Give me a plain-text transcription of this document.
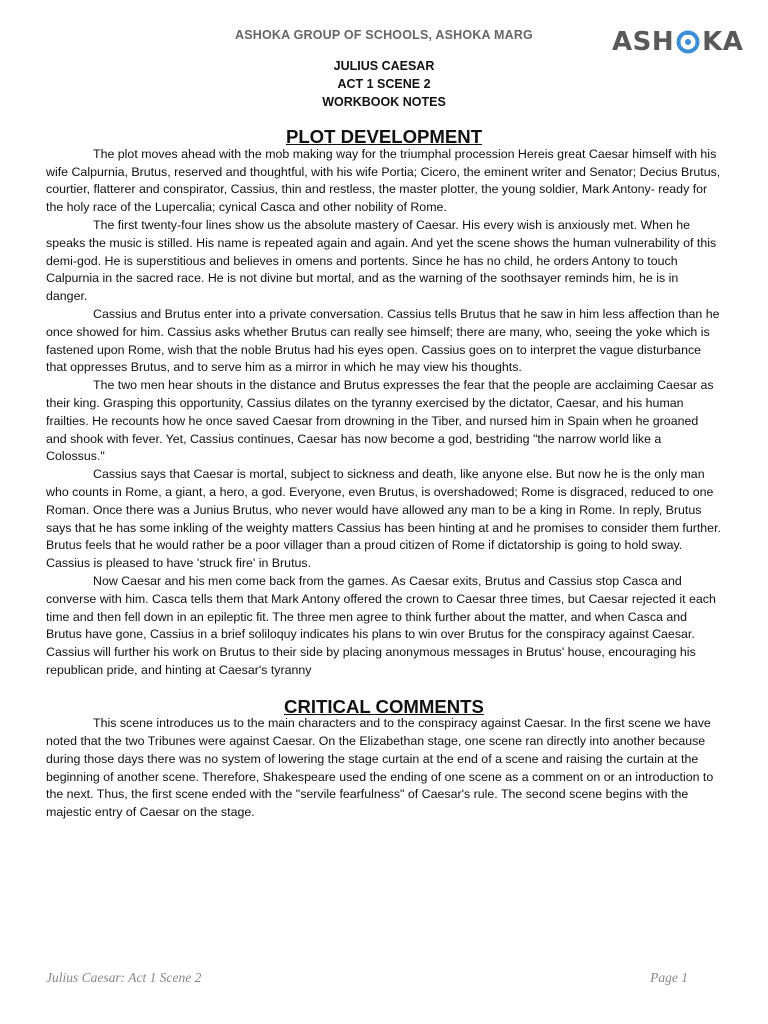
ASHOKA GROUP OF SCHOOLS, ASHOKA MARG	ASH KA
JULIUS CAESAR
ACT 1 SCENE 2
WORKBOOK NOTES
PLOT DEVELOPMENT

The plot moves ahead with the mob making way for the triumphal procession Hereis great Caesar himself with his wife Calpurnia, Brutus, reserved and thoughtful, with his wife Portia; Cicero, the eminent writer and Senator; Decius Brutus, courtier, flatterer and conspirator, Cassius, thin and restless, the master plotter, the young soldier, Mark Antony- ready for the holy race of the Lupercalia; cynical Casca and other nobility of Rome.

The first twenty-four lines show us the absolute mastery of Caesar. His every wish is anxiously met. When he speaks the music is stilled. His name is repeated again and again. And yet the scene shows the human vulnerability of this demi-god. He is superstitious and believes in omens and portents. Since he has no child, he orders Antony to touch Calpurnia in the sacred race. He is not divine but mortal, and as the warning of the soothsayer reminds him, he is in danger.

Cassius and Brutus enter into a private conversation. Cassius tells Brutus that he saw in him less affection than he once showed for him. Cassius asks whether Brutus can really see himself; there are many, who, seeing the yoke which is fastened upon Rome, wish that the noble Brutus had his eyes open. Cassius goes on to interpret the vague disturbance that oppresses Brutus, and to serve him as a mirror in which he may view his thoughts.

The two men hear shouts in the distance and Brutus expresses the fear that the people are acclaiming Caesar as their king. Grasping this opportunity, Cassius dilates on the tyranny exercised by the dictator, Caesar, and his human frailties. He recounts how he once saved Caesar from drowning in the Tiber, and nursed him in Spain when he groaned and shook with fever. Yet, Cassius continues, Caesar has now become a god, bestriding "the narrow world like a Colossus."

Cassius says that Caesar is mortal, subject to sickness and death, like anyone else. But now he is the only man who counts in Rome, a giant, a hero, a god. Everyone, even Brutus, is overshadowed; Rome is disgraced, reduced to one Roman. Once there was a Junius Brutus, who never would have allowed any man to be a king in Rome. In reply, Brutus says that he has some inkling of the weighty matters Cassius has been hinting at and he promises to consider them further. Brutus feels that he would rather be a poor villager than a proud citizen of Rome if dictatorship is going to hold sway. Cassius is pleased to have 'struck fire' in Brutus.

Now Caesar and his men come back from the games. As Caesar exits, Brutus and Cassius stop Casca and converse with him. Casca tells them that Mark Antony offered the crown to Caesar three times, but Caesar rejected it each time and then fell down in an epileptic fit. The three men agree to think further about the matter, and when Casca and Brutus have gone, Cassius in a brief soliloquy indicates his plans to win over Brutus for the conspiracy against Caesar. Cassius will further his work on Brutus to their side by placing anonymous messages in Brutus' house, encouraging his republican pride, and hinting at Caesar's tyranny

CRITICAL COMMENTS

This scene introduces us to the main characters and to the conspiracy against Caesar. In the first scene we have noted that the two Tribunes were against Caesar. On the Elizabethan stage, one scene ran directly into another because during those days there was no system of lowering the stage curtain at the end of a scene and raising the curtain at the beginning of another scene. Therefore, Shakespeare used the ending of one scene as a comment on or an introduction to the next. Thus, the first scene ended with the "servile fearfulness" of Caesar's rule. The second scene begins with the majestic entry of Caesar on the stage.

Julius Caesar: Act 1 Scene 2	Page 1
